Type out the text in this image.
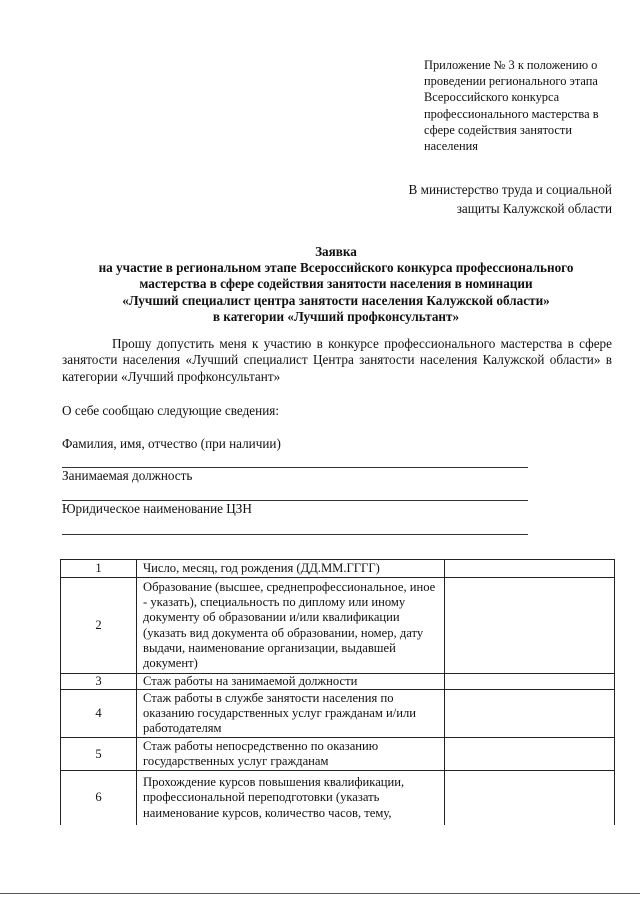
Приложение № 3 к положению о
проведении регионального этапа
Всероссийского конкурса
профессионального мастерства в
сфере содействия занятости
населения
В министерство труда и социальной
защиты Калужской области
Заявка
на участие в региональном этапе Всероссийского конкурса профессионального
мастерства в сфере содействия занятости населения в номинации
«Лучший специалист центра занятости населения Калужской области»
в категории «Лучший профконсультант»
Прошу допустить меня к участию в конкурсе профессионального мастерства в сфере занятости населения «Лучший специалист Центра занятости населения Калужской области» в категории «Лучший профконсультант»
О себе сообщаю следующие сведения:
Фамилия, имя, отчество (при наличии)
Занимаемая должность
Юридическое наименование ЦЗН
1	Число, месяц, год рождения (ДД.ММ.ГГГГ)	
2	Образование (высшее, среднепрофессиональное, иное - указать), специальность по диплому или иному документу об образовании и/или квалификации (указать вид документа об образовании, номер, дату выдачи, наименование организации, выдавшей документ)	
3	Стаж работы на занимаемой должности	
4	Стаж работы в службе занятости населения по оказанию государственных услуг гражданам и/или работодателям	
5	Стаж работы непосредственно по оказанию государственных услуг гражданам	
6	Прохождение курсов повышения квалификации, профессиональной переподготовки (указать наименование курсов, количество часов, тему,	
